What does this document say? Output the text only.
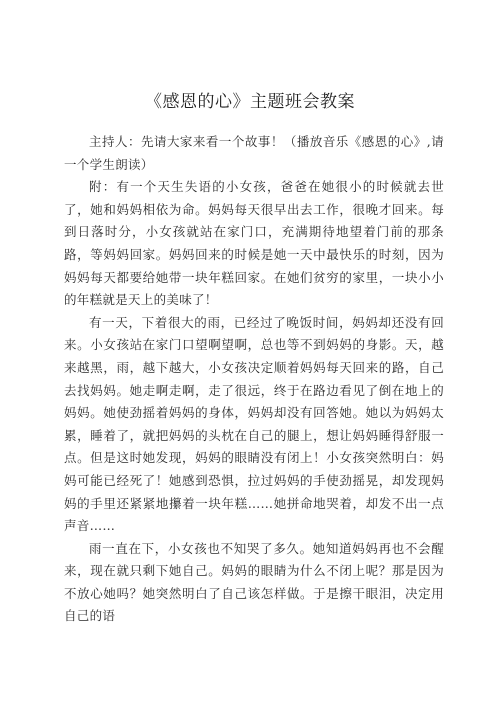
《感恩的心》主题班会教案

主持人：先请大家来看一个故事！（播放音乐《感恩的心》,请一个学生朗读）

附：有一个天生失语的小女孩，爸爸在她很小的时候就去世了，她和妈妈相依为命。妈妈每天很早出去工作，很晚才回来。每到日落时分，小女孩就站在家门口，充满期待地望着门前的那条路，等妈妈回家。妈妈回来的时候是她一天中最快乐的时刻，因为妈妈每天都要给她带一块年糕回家。在她们贫穷的家里，一块小小的年糕就是天上的美味了！

有一天，下着很大的雨，已经过了晚饭时间，妈妈却还没有回来。小女孩站在家门口望啊望啊，总也等不到妈妈的身影。天，越来越黑，雨，越下越大，小女孩决定顺着妈妈每天回来的路，自己去找妈妈。她走啊走啊，走了很远，终于在路边看见了倒在地上的妈妈。她使劲摇着妈妈的身体，妈妈却没有回答她。她以为妈妈太累，睡着了，就把妈妈的头枕在自己的腿上，想让妈妈睡得舒服一点。但是这时她发现，妈妈的眼睛没有闭上！小女孩突然明白：妈妈可能已经死了！她感到恐惧，拉过妈妈的手使劲摇晃，却发现妈妈的手里还紧紧地攥着一块年糕……她拼命地哭着，却发不出一点声音……

雨一直在下，小女孩也不知哭了多久。她知道妈妈再也不会醒来，现在就只剩下她自己。妈妈的眼睛为什么不闭上呢？那是因为不放心她吗？她突然明白了自己该怎样做。于是擦干眼泪，决定用自己的语
